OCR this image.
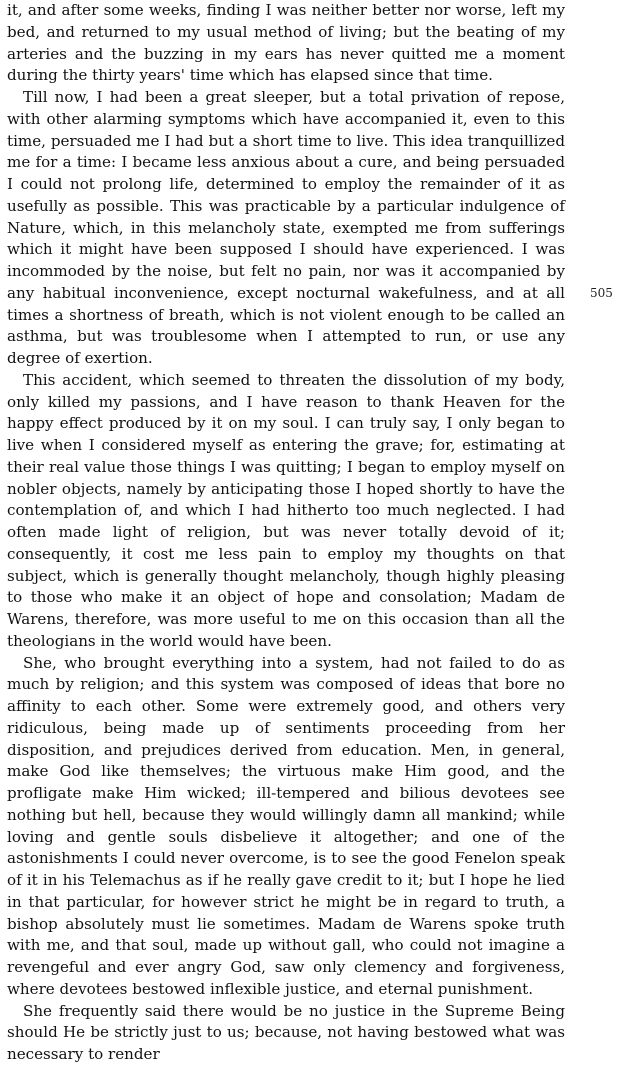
it, and after some weeks, finding I was neither better nor worse, left my bed, and returned to my usual method of living; but the beating of my arteries and the buzzing in my ears has never quitted me a moment during the thirty years' time which has elapsed since that time.

Till now, I had been a great sleeper, but a total privation of repose, with other alarming symptoms which have accompanied it, even to this time, persuaded me I had but a short time to live. This idea tranquillized me for a time: I became less anxious about a cure, and being persuaded I could not prolong life, determined to employ the remainder of it as usefully as possible. This was practicable by a particular indulgence of Nature, which, in this melancholy state, exempted me from sufferings which it might have been supposed I should have experienced. I was incommoded by the noise, but felt no pain, nor was it accompanied by any habitual inconvenience, except nocturnal wakefulness, and at all times a shortness of breath, which is not violent enough to be called an asthma, but was troublesome when I attempted to run, or use any degree of exertion.

This accident, which seemed to threaten the dissolution of my body, only killed my passions, and I have reason to thank Heaven for the happy effect produced by it on my soul. I can truly say, I only began to live when I considered myself as entering the grave; for, estimating at their real value those things I was quitting; I began to employ myself on nobler objects, namely by anticipating those I hoped shortly to have the contemplation of, and which I had hitherto too much neglected. I had often made light of religion, but was never totally devoid of it; consequently, it cost me less pain to employ my thoughts on that subject, which is generally thought melancholy, though highly pleasing to those who make it an object of hope and consolation; Madam de Warens, therefore, was more useful to me on this occasion than all the theologians in the world would have been.

She, who brought everything into a system, had not failed to do as much by religion; and this system was composed of ideas that bore no affinity to each other. Some were extremely good, and others very ridiculous, being made up of sentiments proceeding from her disposition, and prejudices derived from education. Men, in general, make God like themselves; the virtuous make Him good, and the profligate make Him wicked; ill-tempered and bilious devotees see nothing but hell, because they would willingly damn all mankind; while loving and gentle souls disbelieve it altogether; and one of the astonishments I could never overcome, is to see the good Fenelon speak of it in his Telemachus as if he really gave credit to it; but I hope he lied in that particular, for however strict he might be in regard to truth, a bishop absolutely must lie sometimes. Madam de Warens spoke truth with me, and that soul, made up without gall, who could not imagine a revengeful and ever angry God, saw only clemency and forgiveness, where devotees bestowed inflexible justice, and eternal punishment.

She frequently said there would be no justice in the Supreme Being should He be strictly just to us; because, not having bestowed what was necessary to render

505
